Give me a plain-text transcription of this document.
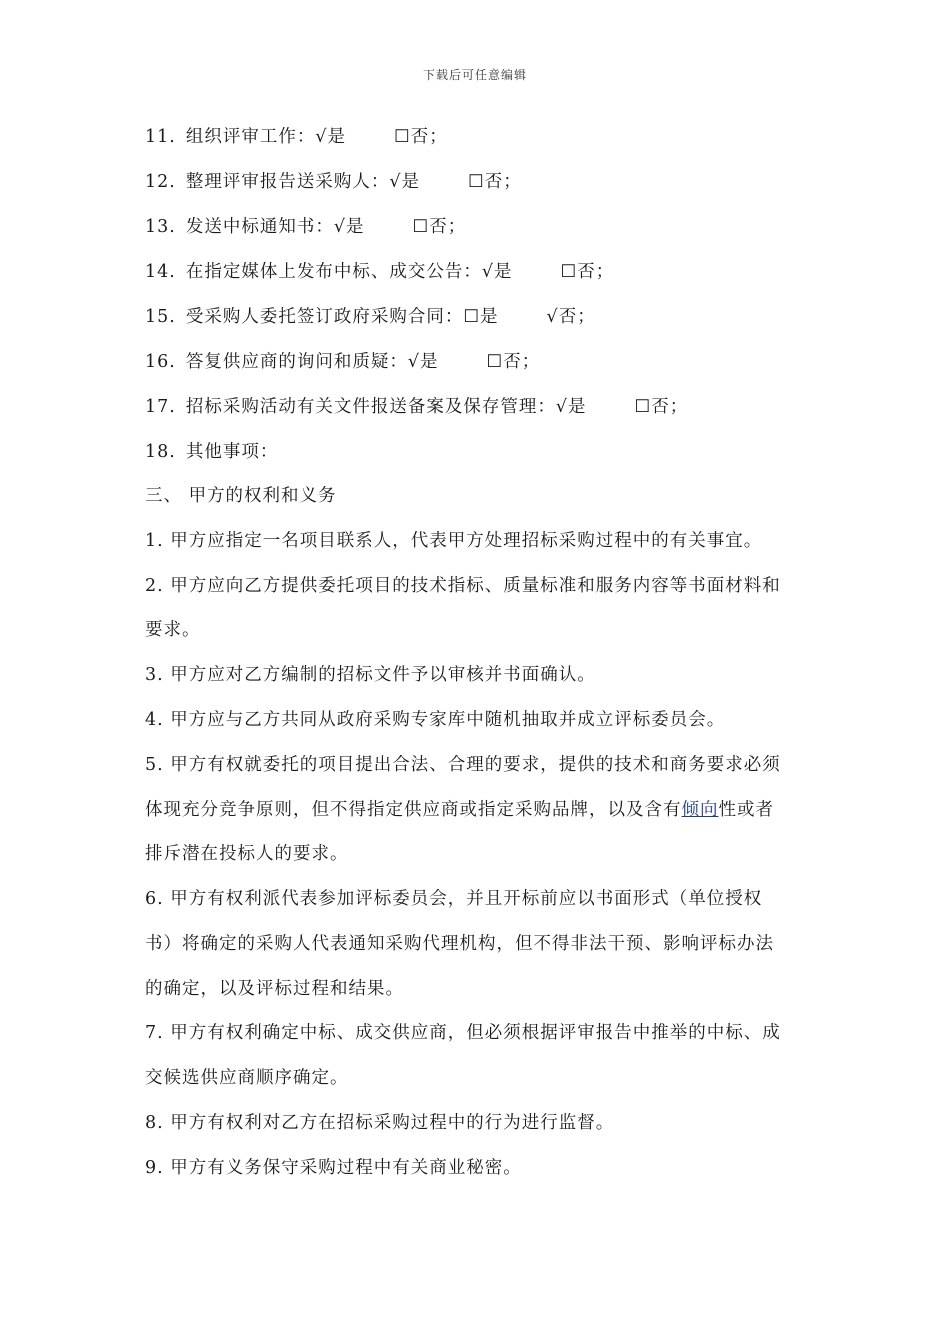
下载后可任意编辑
11. 组织评审工作：√是	☐否；
12. 整理评审报告送采购人：√是	☐否；
13. 发送中标通知书：√是	☐否；
14. 在指定媒体上发布中标、成交公告：√是	☐否；
15. 受采购人委托签订政府采购合同：☐是	√否；
16. 答复供应商的询问和质疑：√是	☐否；
17. 招标采购活动有关文件报送备案及保存管理：√是	☐否；
18. 其他事项：
三、 甲方的权利和义务
1. 甲方应指定一名项目联系人，代表甲方处理招标采购过程中的有关事宜。
2. 甲方应向乙方提供委托项目的技术指标、质量标准和服务内容等书面材料和
要求。
3. 甲方应对乙方编制的招标文件予以审核并书面确认。
4. 甲方应与乙方共同从政府采购专家库中随机抽取并成立评标委员会。
5. 甲方有权就委托的项目提出合法、合理的要求，提供的技术和商务要求必须
体现充分竞争原则，但不得指定供应商或指定采购品牌，以及含有倾向性或者
排斥潜在投标人的要求。
6. 甲方有权利派代表参加评标委员会，并且开标前应以书面形式（单位授权
书）将确定的采购人代表通知采购代理机构，但不得非法干预、影响评标办法
的确定，以及评标过程和结果。
7. 甲方有权利确定中标、成交供应商，但必须根据评审报告中推举的中标、成
交候选供应商顺序确定。
8. 甲方有权利对乙方在招标采购过程中的行为进行监督。
9. 甲方有义务保守采购过程中有关商业秘密。
